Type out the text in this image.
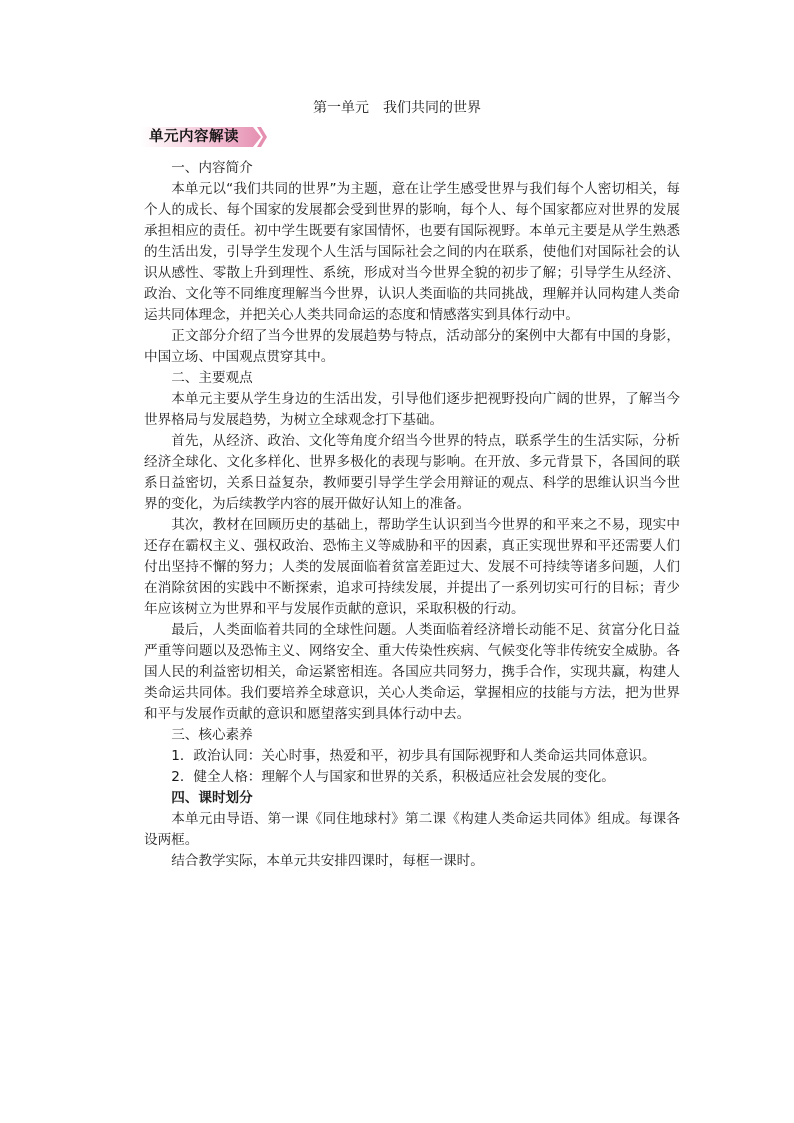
第一单元　我们共同的世界
单元内容解读

一、内容简介

本单元以“我们共同的世界”为主题，意在让学生感受世界与我们每个人密切相关，每个人的成长、每个国家的发展都会受到世界的影响，每个人、每个国家都应对世界的发展承担相应的责任。初中学生既要有家国情怀，也要有国际视野。本单元主要是从学生熟悉的生活出发，引导学生发现个人生活与国际社会之间的内在联系，使他们对国际社会的认识从感性、零散上升到理性、系统，形成对当今世界全貌的初步了解；引导学生从经济、政治、文化等不同维度理解当今世界，认识人类面临的共同挑战，理解并认同构建人类命运共同体理念，并把关心人类共同命运的态度和情感落实到具体行动中。

正文部分介绍了当今世界的发展趋势与特点，活动部分的案例中大都有中国的身影，中国立场、中国观点贯穿其中。

二、主要观点

本单元主要从学生身边的生活出发，引导他们逐步把视野投向广阔的世界，了解当今世界格局与发展趋势，为树立全球观念打下基础。

首先，从经济、政治、文化等角度介绍当今世界的特点，联系学生的生活实际，分析经济全球化、文化多样化、世界多极化的表现与影响。在开放、多元背景下，各国间的联系日益密切，关系日益复杂，教师要引导学生学会用辩证的观点、科学的思维认识当今世界的变化，为后续教学内容的展开做好认知上的准备。

其次，教材在回顾历史的基础上，帮助学生认识到当今世界的和平来之不易，现实中还存在霸权主义、强权政治、恐怖主义等威胁和平的因素，真正实现世界和平还需要人们付出坚持不懈的努力；人类的发展面临着贫富差距过大、发展不可持续等诸多问题，人们在消除贫困的实践中不断探索，追求可持续发展，并提出了一系列切实可行的目标；青少年应该树立为世界和平与发展作贡献的意识，采取积极的行动。

最后，人类面临着共同的全球性问题。人类面临着经济增长动能不足、贫富分化日益严重等问题以及恐怖主义、网络安全、重大传染性疾病、气候变化等非传统安全威胁。各国人民的利益密切相关，命运紧密相连。各国应共同努力，携手合作，实现共赢，构建人类命运共同体。我们要培养全球意识，关心人类命运，掌握相应的技能与方法，把为世界和平与发展作贡献的意识和愿望落实到具体行动中去。

三、核心素养

1．政治认同：关心时事，热爱和平，初步具有国际视野和人类命运共同体意识。

2．健全人格：理解个人与国家和世界的关系，积极适应社会发展的变化。

四、课时划分

本单元由导语、第一课《同住地球村》第二课《构建人类命运共同体》组成。每课各设两框。

结合教学实际，本单元共安排四课时，每框一课时。
